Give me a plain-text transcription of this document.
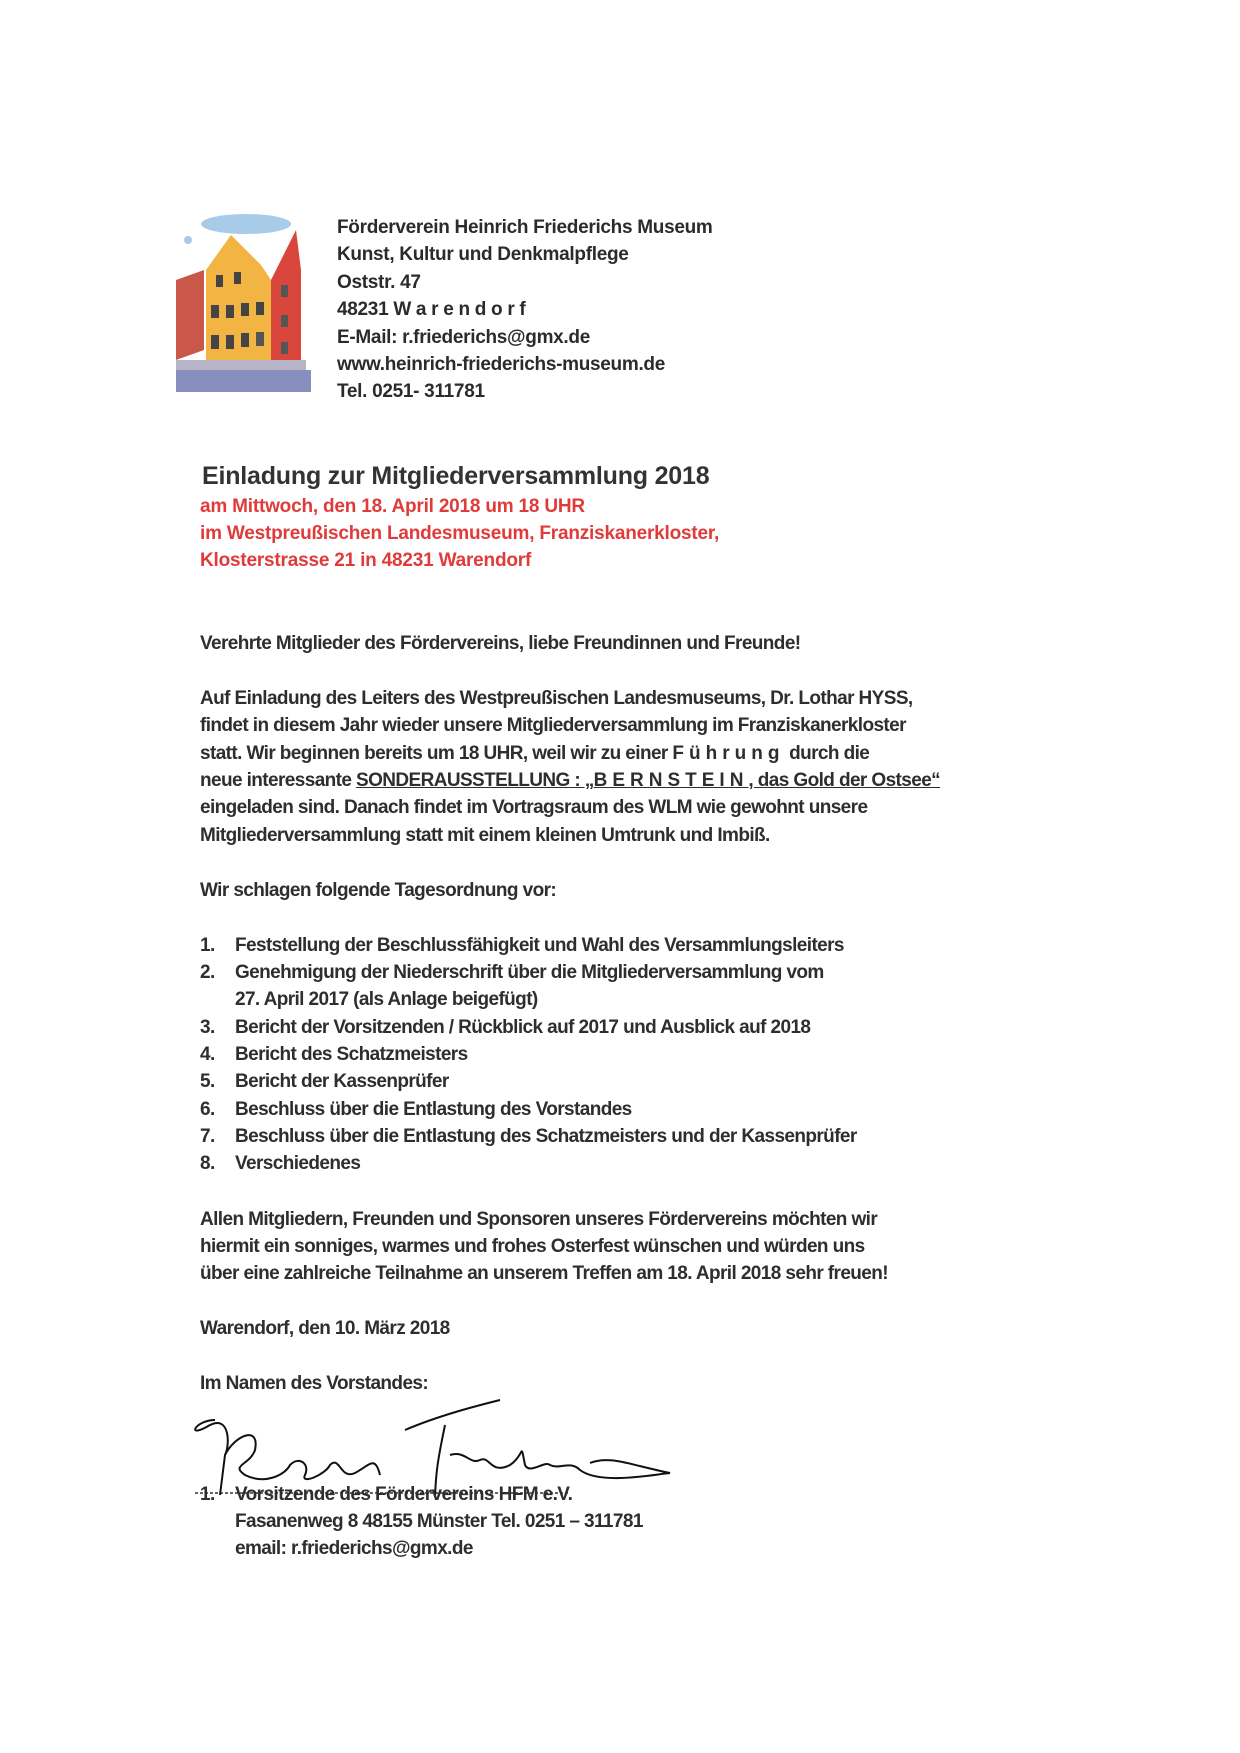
Förderverein Heinrich Friederichs Museum
Kunst, Kultur und Denkmalpflege
Oststr. 47
48231 W a r e n d o r f
E-Mail: r.friederichs@gmx.de
www.heinrich-friederichs-museum.de
Tel. 0251- 311781
Einladung zur Mitgliederversammlung 2018
am Mittwoch, den 18. April 2018 um 18 UHR
im Westpreußischen Landesmuseum, Franziskanerkloster,
Klosterstrasse 21 in 48231 Warendorf
Verehrte Mitglieder des Fördervereins, liebe Freundinnen und Freunde!
Auf Einladung des Leiters des Westpreußischen Landesmuseums, Dr. Lothar HYSS,
findet in diesem Jahr wieder unsere Mitgliederversammlung im Franziskanerkloster
statt. Wir beginnen bereits um 18 UHR, weil wir zu einer Führung durch die
neue interessante SONDERAUSSTELLUNG : „BERNSTEIN, das Gold der Ostsee“
eingeladen sind. Danach findet im Vortragsraum des WLM wie gewohnt unsere
Mitgliederversammlung statt mit einem kleinen Umtrunk und Imbiß.
Wir schlagen folgende Tagesordnung vor:
1. Feststellung der Beschlussfähigkeit und Wahl des Versammlungsleiters
2. Genehmigung der Niederschrift über die Mitgliederversammlung vom
27. April 2017 (als Anlage beigefügt)
3. Bericht der Vorsitzenden / Rückblick auf 2017 und Ausblick auf 2018
4. Bericht des Schatzmeisters
5. Bericht der Kassenprüfer
6. Beschluss über die Entlastung des Vorstandes
7. Beschluss über die Entlastung des Schatzmeisters und der Kassenprüfer
8. Verschiedenes
Allen Mitgliedern, Freunden und Sponsoren unseres Fördervereins möchten wir
hiermit ein sonniges, warmes und frohes Osterfest wünschen und würden uns
über eine zahlreiche Teilnahme an unserem Treffen am 18. April 2018 sehr freuen!
Warendorf, den 10. März 2018
Im Namen des Vorstandes:
1. Vorsitzende des Fördervereins HFM e.V.
Fasanenweg 8 48155 Münster Tel. 0251 – 311781
email: r.friederichs@gmx.de
